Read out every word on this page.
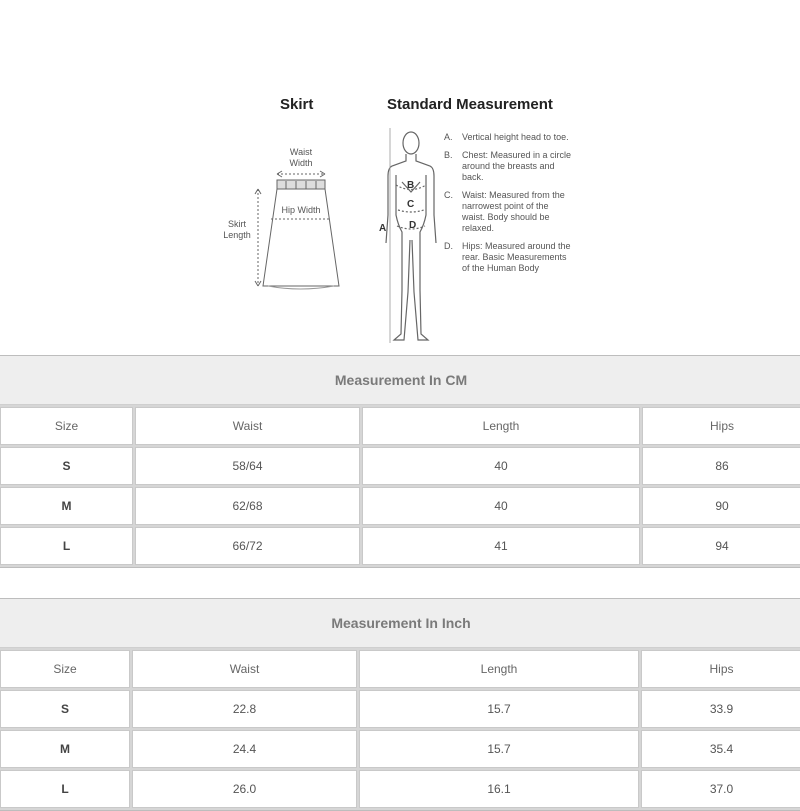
Skirt	Standard Measurement
Waist Width
Hip Width
Skirt Length
B
C
D
A
A.	Vertical height head to toe.
B.	Chest: Measured in a circle around the breasts and back.
C.	Waist: Measured from the narrowest point of the waist. Body should be relaxed.
D.	Hips: Measured around the rear. Basic Measurements of the Human Body
Measurement In CM
Size	Waist	Length	Hips
S	58/64	40	86
M	62/68	40	90
L	66/72	41	94
Measurement In Inch
Size	Waist	Length	Hips
S	22.8	15.7	33.9
M	24.4	15.7	35.4
L	26.0	16.1	37.0
